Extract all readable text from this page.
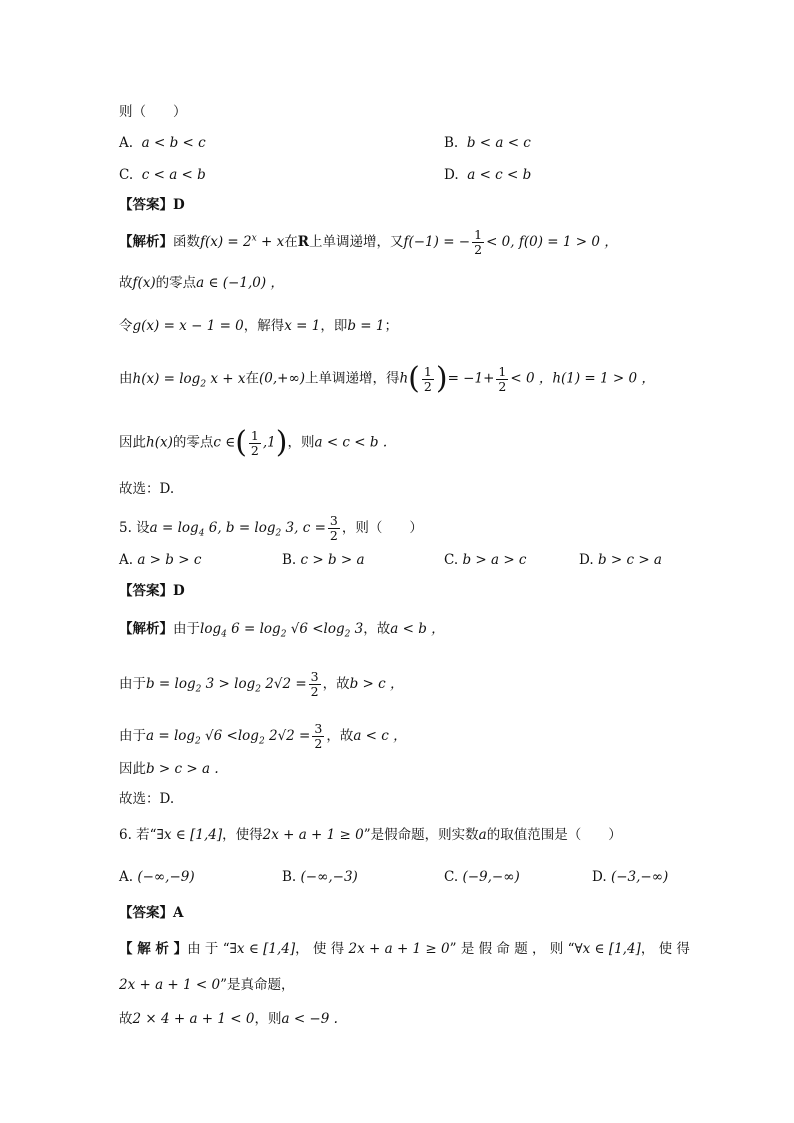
则（　　）
A. a < b < c	B. b < a < c
C. c < a < b	D. a < c < b
【答案】D
【解析】函数$f(x) = 2^x + x$在R上单调递增，又f(−1) = − $\frac{1}{2} < 0$, f(0) = 1 > 0 ，
故f(x)的零点a ∈ (−1,0) ，
令g(x) = x − 1 = 0，解得x = 1，即b = 1；
由$h(x) = \log_2 x + x$在(0,+∞)上单调递增，得$h( \frac{1}{2}$ )= $-1+ \frac{1}{2} < 0$ ，h(1) = 1 > 0 ，
因此h(x)的零点c ∈( $\frac{1}{2} ,1$)，则a < c < b .
故选：D.
5. 设$a = \log_4 6$, $b = \log_2 3$, $c = \frac{3}{2}$ ，则（　　）
A. a > b > c	B. c > b > a	C. b > a > c	D. b > c > a
【答案】D
【解析】由于$\log_4 6 = \log_2 √6 <\log_2$ 3，故a < b ，
由于$b = \log_2 3 > \log_2 2√2 = \frac{3}{2}$ ，故b > c ，
由于$a = \log_2 √6 <\log_2$ $2√2 = \frac{3}{2}$ ，故a < c ，
因此b > c > a .
故选：D.
6. 若“∃x ∈ [1,4]，使得2x + a + 1 ≥ 0”是假命题，则实数a的取值范围是（　　）
A. (−∞,−9)	B. (−∞,−3)	C. (−9,−∞)	D. (−3,−∞)
【答案】A
【 解 析 】由 于 “∃x ∈ [1,4]， 使 得 2x + a + 1 ≥ 0” 是 假 命 题 ， 则 “∀x ∈ [1,4]， 使 得
2x + a + 1 < 0”是真命题，
故2 × 4 + a + 1 < 0，则a < −9 .
